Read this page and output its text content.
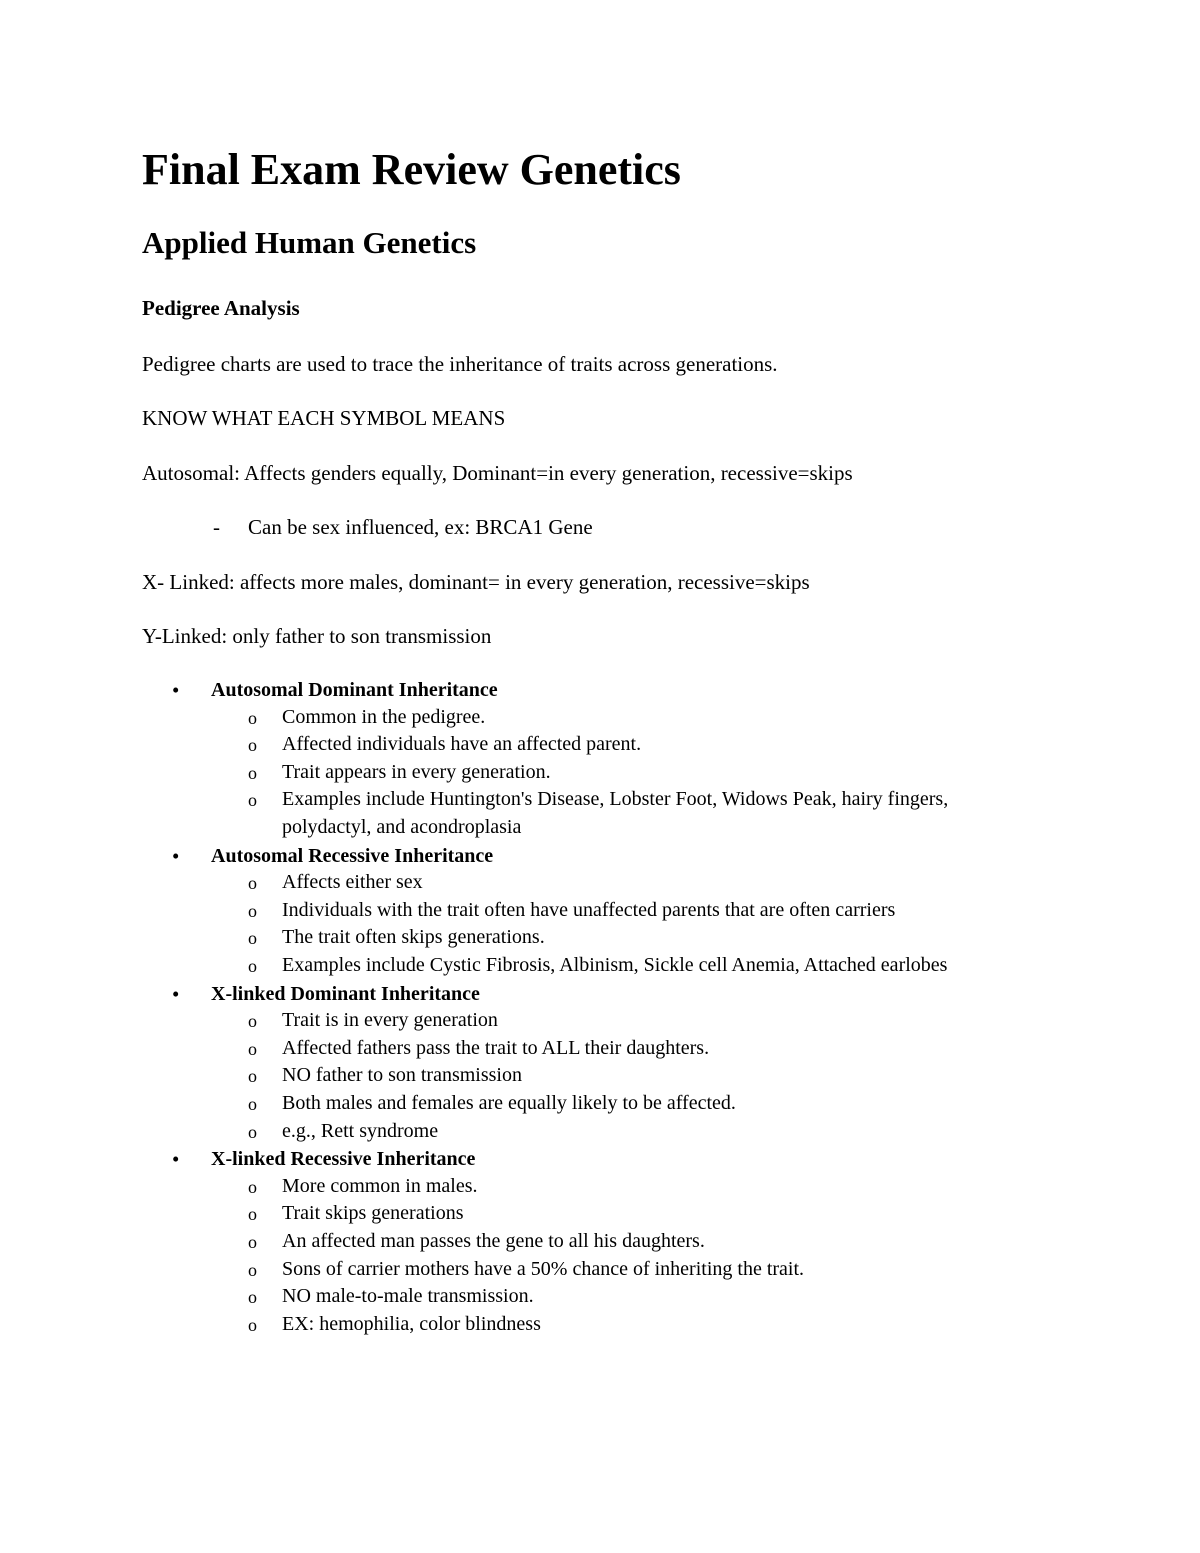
Final Exam Review Genetics
Applied Human Genetics
Pedigree Analysis
Pedigree charts are used to trace the inheritance of traits across generations.
KNOW WHAT EACH SYMBOL MEANS
Autosomal: Affects genders equally, Dominant=in every generation, recessive=skips
- Can be sex influenced, ex: BRCA1 Gene
X- Linked: affects more males, dominant= in every generation, recessive=skips
Y-Linked: only father to son transmission
• Autosomal Dominant Inheritance
o Common in the pedigree.
o Affected individuals have an affected parent.
o Trait appears in every generation.
o Examples include Huntington's Disease, Lobster Foot, Widows Peak, hairy fingers, polydactyl, and acondroplasia
• Autosomal Recessive Inheritance
o Affects either sex
o Individuals with the trait often have unaffected parents that are often carriers
o The trait often skips generations.
o Examples include Cystic Fibrosis, Albinism, Sickle cell Anemia, Attached earlobes
• X-linked Dominant Inheritance
o Trait is in every generation
o Affected fathers pass the trait to ALL their daughters.
o NO father to son transmission
o Both males and females are equally likely to be affected.
o e.g., Rett syndrome
• X-linked Recessive Inheritance
o More common in males.
o Trait skips generations
o An affected man passes the gene to all his daughters.
o Sons of carrier mothers have a 50% chance of inheriting the trait.
o NO male-to-male transmission.
o EX: hemophilia, color blindness
